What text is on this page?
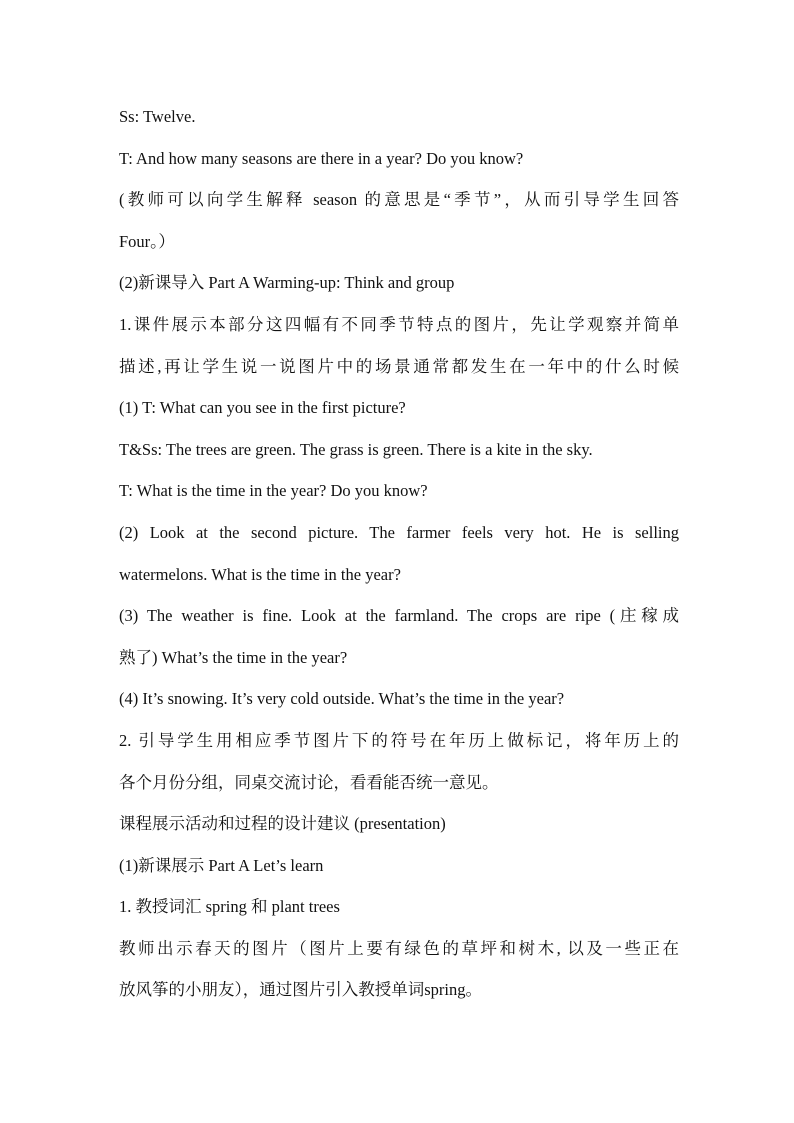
Ss: Twelve.
T: And how many seasons are there in a year? Do you know?
(教师可以向学生解释 season 的意思是“季节”，从而引导学生回答
Four。）
(2)新课导入 Part A Warming-up: Think and group
1.课件展示本部分这四幅有不同季节特点的图片，先让学观察并简单
描述,再让学生说一说图片中的场景通常都发生在一年中的什么时候
(1) T: What can you see in the first picture?
T&Ss: The trees are green. The grass is green. There is a kite in the sky.
T: What is the time in the year? Do you know?
(2) Look at the second picture. The farmer feels very hot. He is selling
watermelons. What is the time in the year?
(3) The weather is fine. Look at the farmland. The crops are ripe (庄稼成
熟了) What’s the time in the year?
(4) It’s snowing. It’s very cold outside. What’s the time in the year?
2. 引导学生用相应季节图片下的符号在年历上做标记，将年历上的
各个月份分组，同桌交流讨论，看看能否统一意见。
课程展示活动和过程的设计建议 (presentation)
(1)新课展示 Part A Let’s learn
1. 教授词汇 spring 和 plant trees
教师出示春天的图片（图片上要有绿色的草坪和树木, 以及一些正在
放风筝的小朋友），通过图片引入教授单词spring。
